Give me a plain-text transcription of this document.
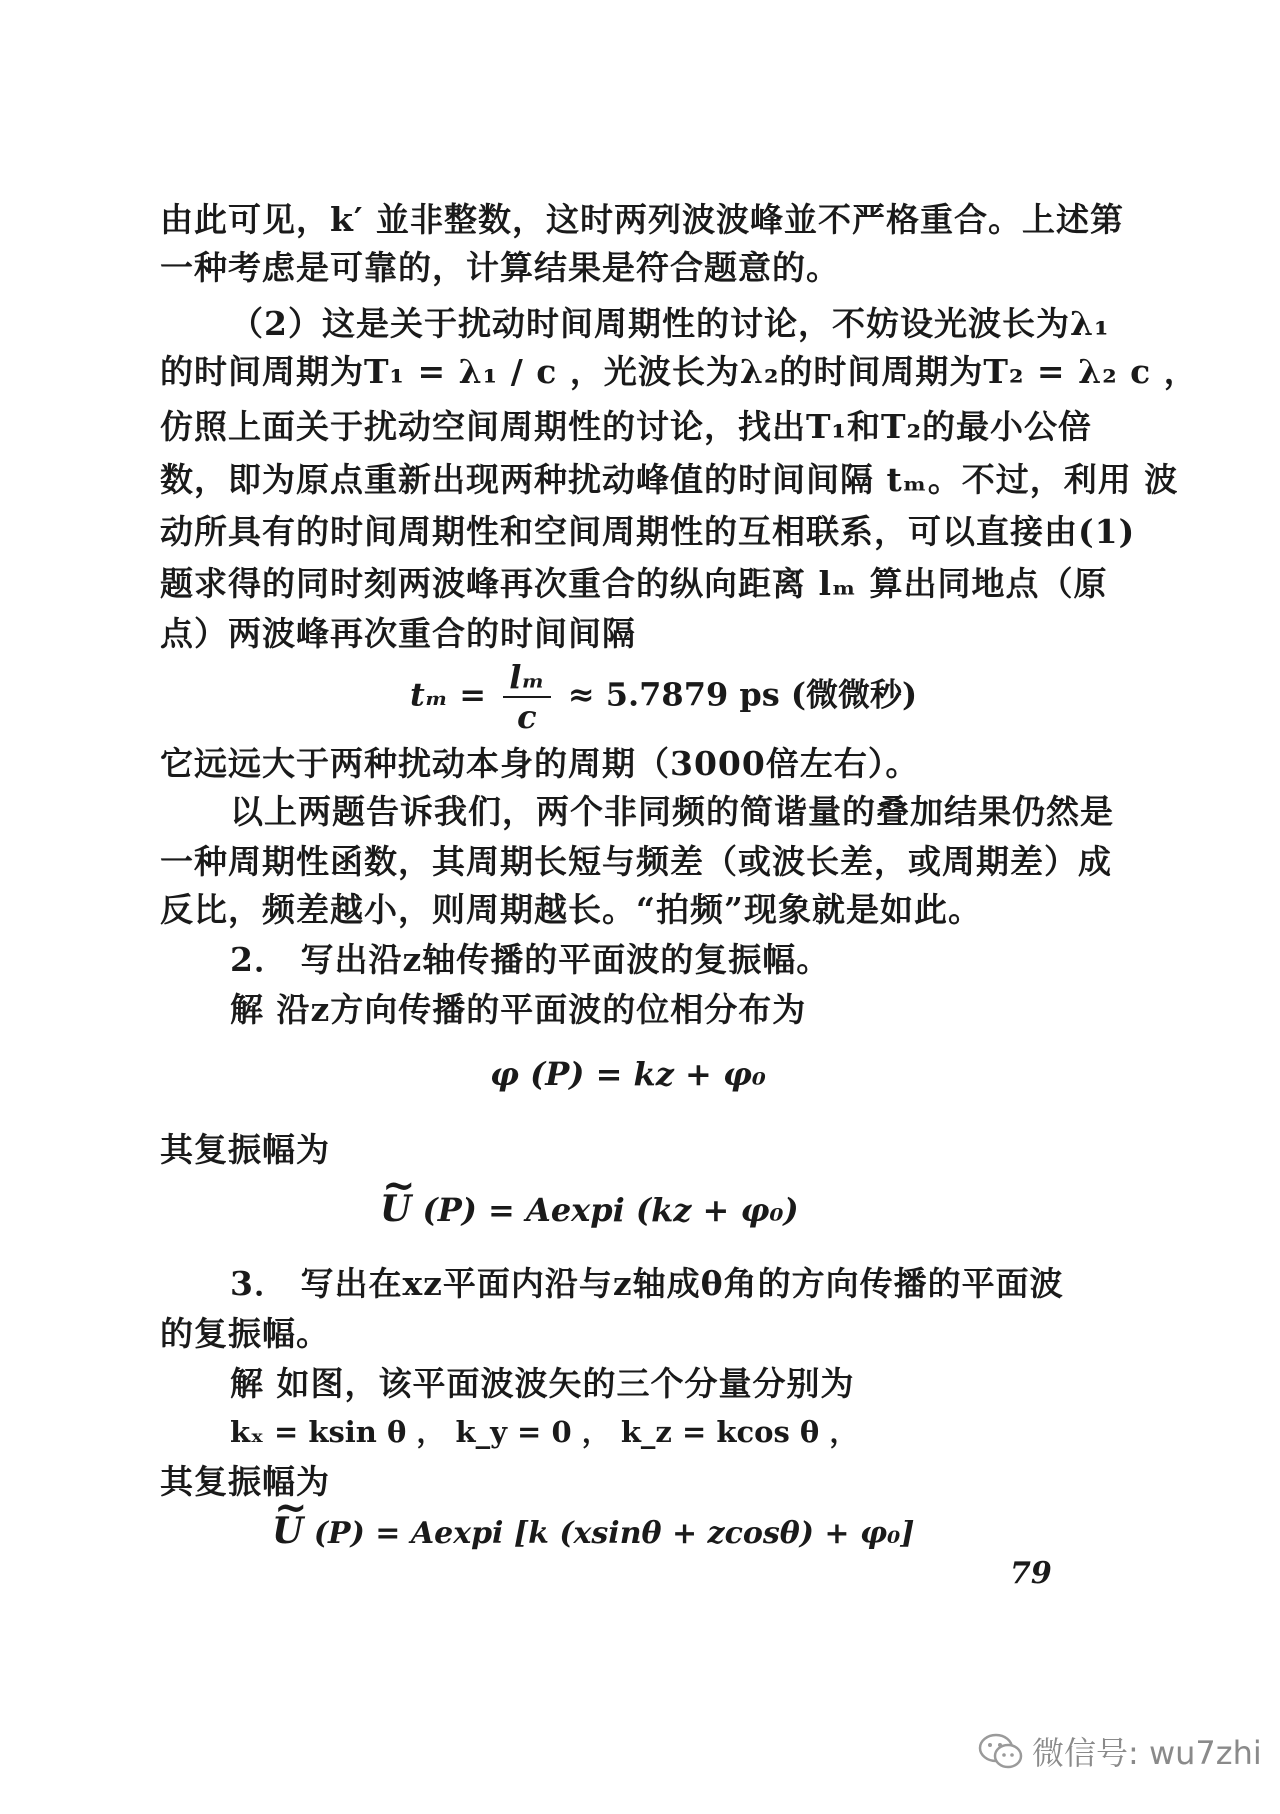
由此可见，k′ 並非整数，这时两列波波峰並不严格重合。上述第
一种考虑是可靠的，计算结果是符合题意的。
（2）这是关于扰动时间周期性的讨论，不妨设光波长为λ₁
的时间周期为T₁ = λ₁ / c ，光波长为λ₂的时间周期为T₂ = λ₂ c ，
仿照上面关于扰动空间周期性的讨论，找出T₁和T₂的最小公倍
数，即为原点重新出现两种扰动峰值的时间间隔 tₘ。不过，利用 波
动所具有的时间周期性和空间周期性的互相联系，可以直接由(1)
题求得的同时刻两波峰再次重合的纵向距离 lₘ 算出同地点（原
点）两波峰再次重合的时间间隔
$t_m = \frac{\text{lₘ}}{c} \approx 5.7879$ ps (微微秒)
它远远大于两种扰动本身的周期（3000倍左右）。
以上两题告诉我们，两个非同频的简谐量的叠加结果仍然是
一种周期性函数，其周期长短与频差（或波长差，或周期差）成
反比，频差越小，则周期越长。“拍频”现象就是如此。
2． 写出沿z轴传播的平面波的复振幅。
解 沿z方向传播的平面波的位相分布为
φ (P) = kz + φ₀
其复振幅为
~ U (P) = Aexpi (kz + φ₀)
3． 写出在xz平面内沿与z轴成θ角的方向传播的平面波
的复振幅。
解 如图，该平面波波矢的三个分量分别为
kₓ = ksin θ ， k_y = 0 ， k_z = kcos θ ，
其复振幅为
~ U (P) = Aexpi [k (xsinθ + zcosθ) + φ₀]
79
微信号: wu7zhi
